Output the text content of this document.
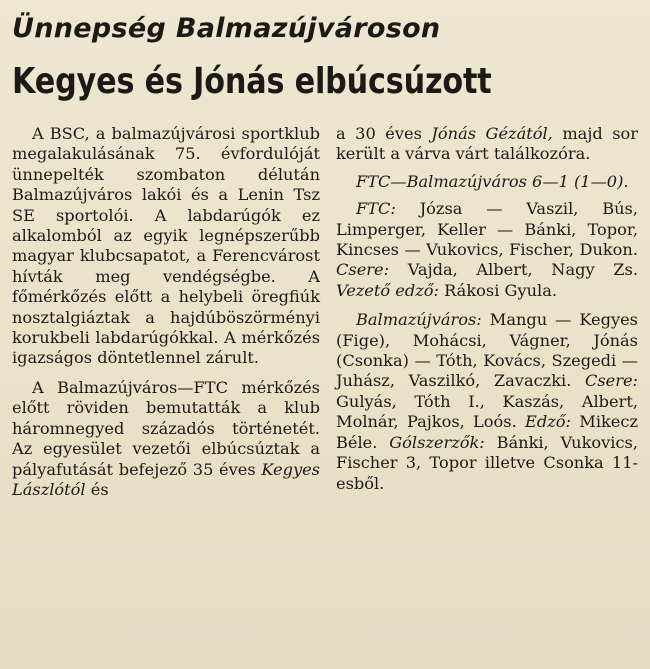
Ünnepség Balmazújvároson
Kegyes és Jónás elbúcsúzott

A BSC, a balmazújvárosi sportklub megalakulásának 75. évfordulóját ünnepelték szombaton délután Balmazújváros lakói és a Lenin Tsz SE sportolói. A labdarúgók ez alkalomból az egyik legnépszerűbb magyar klubcsapatot, a Ferencvárost hívták meg vendégségbe. A főmérkőzés előtt a helybeli öregfiúk nosztalgiáztak a hajdúböszörményi korukbeli labdarúgókkal. A mérkőzés igazságos döntetlennel zárult.

A Balmazújváros—FTC mérkőzés előtt röviden bemutatták a klub háromnegyed századós történetét. Az egyesület vezetői elbúcsúztak a pályafutását befejező 35 éves Kegyes Lászlótól és

a 30 éves Jónás Gézától, majd sor került a várva várt találkozóra.

FTC—Balmazújváros 6—1 (1—0).

FTC: Józsa — Vaszil, Bús, Limperger, Keller — Bánki, Topor, Kincses — Vukovics, Fischer, Dukon. Csere: Vajda, Albert, Nagy Zs. Vezető edző: Rákosi Gyula.

Balmazújváros: Mangu — Kegyes (Fige), Mohácsi, Vágner, Jónás (Csonka) — Tóth, Kovács, Szegedi — Juhász, Vaszilkó, Zavaczki. Csere: Gulyás, Tóth I., Kaszás, Albert, Molnár, Pajkos, Loós. Edző: Mikecz Béle. Gólszerzők: Bánki, Vukovics, Fischer 3, Topor illetve Csonka 11-esből.
